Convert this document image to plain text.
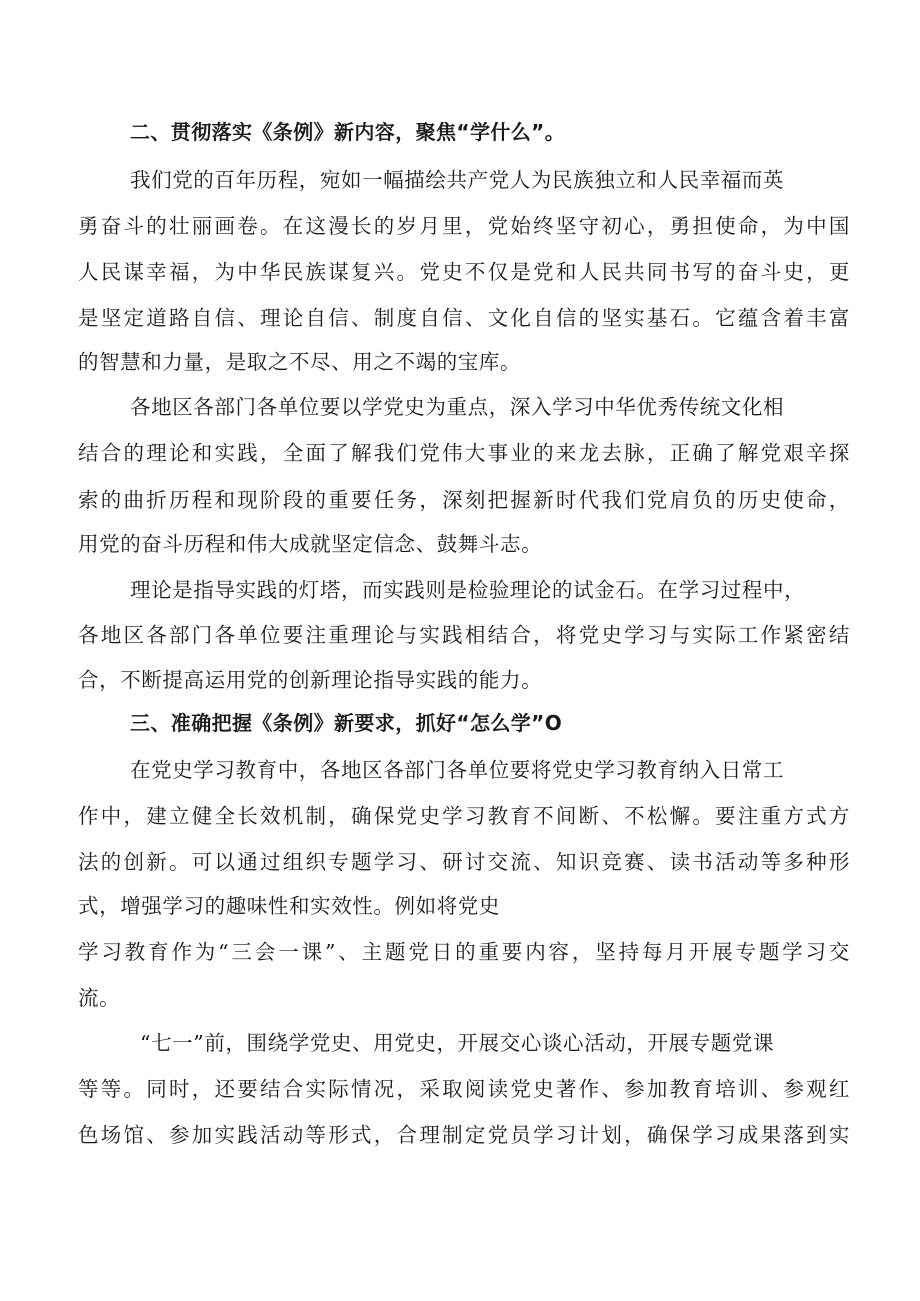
二、贯彻落实《条例》新内容，聚焦“学什么”。
我们党的百年历程，宛如一幅描绘共产党人为民族独立和人民幸福而英
勇奋斗的壮丽画卷。在这漫长的岁月里，党始终坚守初心，勇担使命，为中国
人民谋幸福，为中华民族谋复兴。党史不仅是党和人民共同书写的奋斗史，更
是坚定道路自信、理论自信、制度自信、文化自信的坚实基石。它蕴含着丰富
的智慧和力量，是取之不尽、用之不竭的宝库。
各地区各部门各单位要以学党史为重点，深入学习中华优秀传统文化相
结合的理论和实践，全面了解我们党伟大事业的来龙去脉，正确了解党艰辛探
索的曲折历程和现阶段的重要任务，深刻把握新时代我们党肩负的历史使命，
用党的奋斗历程和伟大成就坚定信念、鼓舞斗志。
理论是指导实践的灯塔，而实践则是检验理论的试金石。在学习过程中，
各地区各部门各单位要注重理论与实践相结合，将党史学习与实际工作紧密结
合，不断提高运用党的创新理论指导实践的能力。
三、准确把握《条例》新要求，抓好“怎么学”O
在党史学习教育中，各地区各部门各单位要将党史学习教育纳入日常工
作中，建立健全长效机制，确保党史学习教育不间断、不松懈。要注重方式方
法的创新。可以通过组织专题学习、研讨交流、知识竞赛、读书活动等多种形
式，增强学习的趣味性和实效性。例如将党史
学习教育作为“三会一课”、主题党日的重要内容，坚持每月开展专题学习交
流。
“七一”前，围绕学党史、用党史，开展交心谈心活动，开展专题党课
等等。同时，还要结合实际情况，采取阅读党史著作、参加教育培训、参观红
色场馆、参加实践活动等形式，合理制定党员学习计划，确保学习成果落到实
